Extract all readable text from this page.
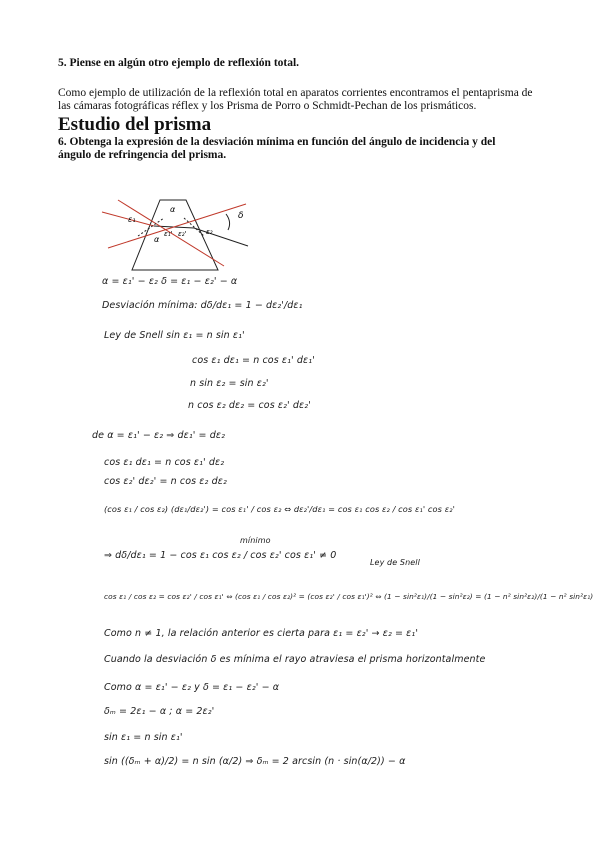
5. Piense en algún otro ejemplo de reflexión total.
Como ejemplo de utilización de la reflexión total en aparatos corrientes encontramos el pentaprisma de las cámaras fotográficas réflex y los Prisma de Porro o Schmidt-Pechan de los prismáticos.
Estudio del prisma
6. Obtenga la expresión de la desviación mínima en función del ángulo de incidencia y del
ángulo de refringencia del prisma.
ε₁
α
ε₁' ε₂'	ε₂
α
δ
α = ε₁' − ε₂ δ = ε₁ − ε₂' − α
Desviación mínima: dδ/dε₁ = 1 − dε₂'/dε₁
Ley de Snell sin ε₁ = n sin ε₁'
cos ε₁ dε₁ = n cos ε₁' dε₁'
n sin ε₂ = sin ε₂'
n cos ε₂ dε₂ = cos ε₂' dε₂'
de α = ε₁' − ε₂ ⇒ dε₁' = dε₂
cos ε₁ dε₁ = n cos ε₁' dε₂
cos ε₂' dε₂' = n cos ε₂ dε₂
(cos ε₁ / cos ε₂) (dε₁/dε₂') = cos ε₁' / cos ε₂ ⇔ dε₂'/dε₁ = cos ε₁ cos ε₂ / cos ε₁' cos ε₂'
mínimo
⇒ dδ/dε₁ = 1 − cos ε₁ cos ε₂ / cos ε₂' cos ε₁' ≠ 0
Ley de Snell
cos ε₁ / cos ε₂ = cos ε₂' / cos ε₁' ⇔ (cos ε₁ / cos ε₂)² = (cos ε₂' / cos ε₁')² ⇔ (1 − sin²ε₁)/(1 − sin²ε₂) = (1 − n² sin²ε₂)/(1 − n² sin²ε₁)
Como n ≠ 1, la relación anterior es cierta para ε₁ = ε₂' → ε₂ = ε₁'
Cuando la desviación δ es mínima el rayo atraviesa el prisma horizontalmente
Como α = ε₁' − ε₂ y δ = ε₁ − ε₂' − α
δₘ = 2ε₁ − α ; α = 2ε₂'
sin ε₁ = n sin ε₁'
sin ((δₘ + α)/2) = n sin (α/2) ⇒ δₘ = 2 arcsin (n · sin(α/2)) − α
